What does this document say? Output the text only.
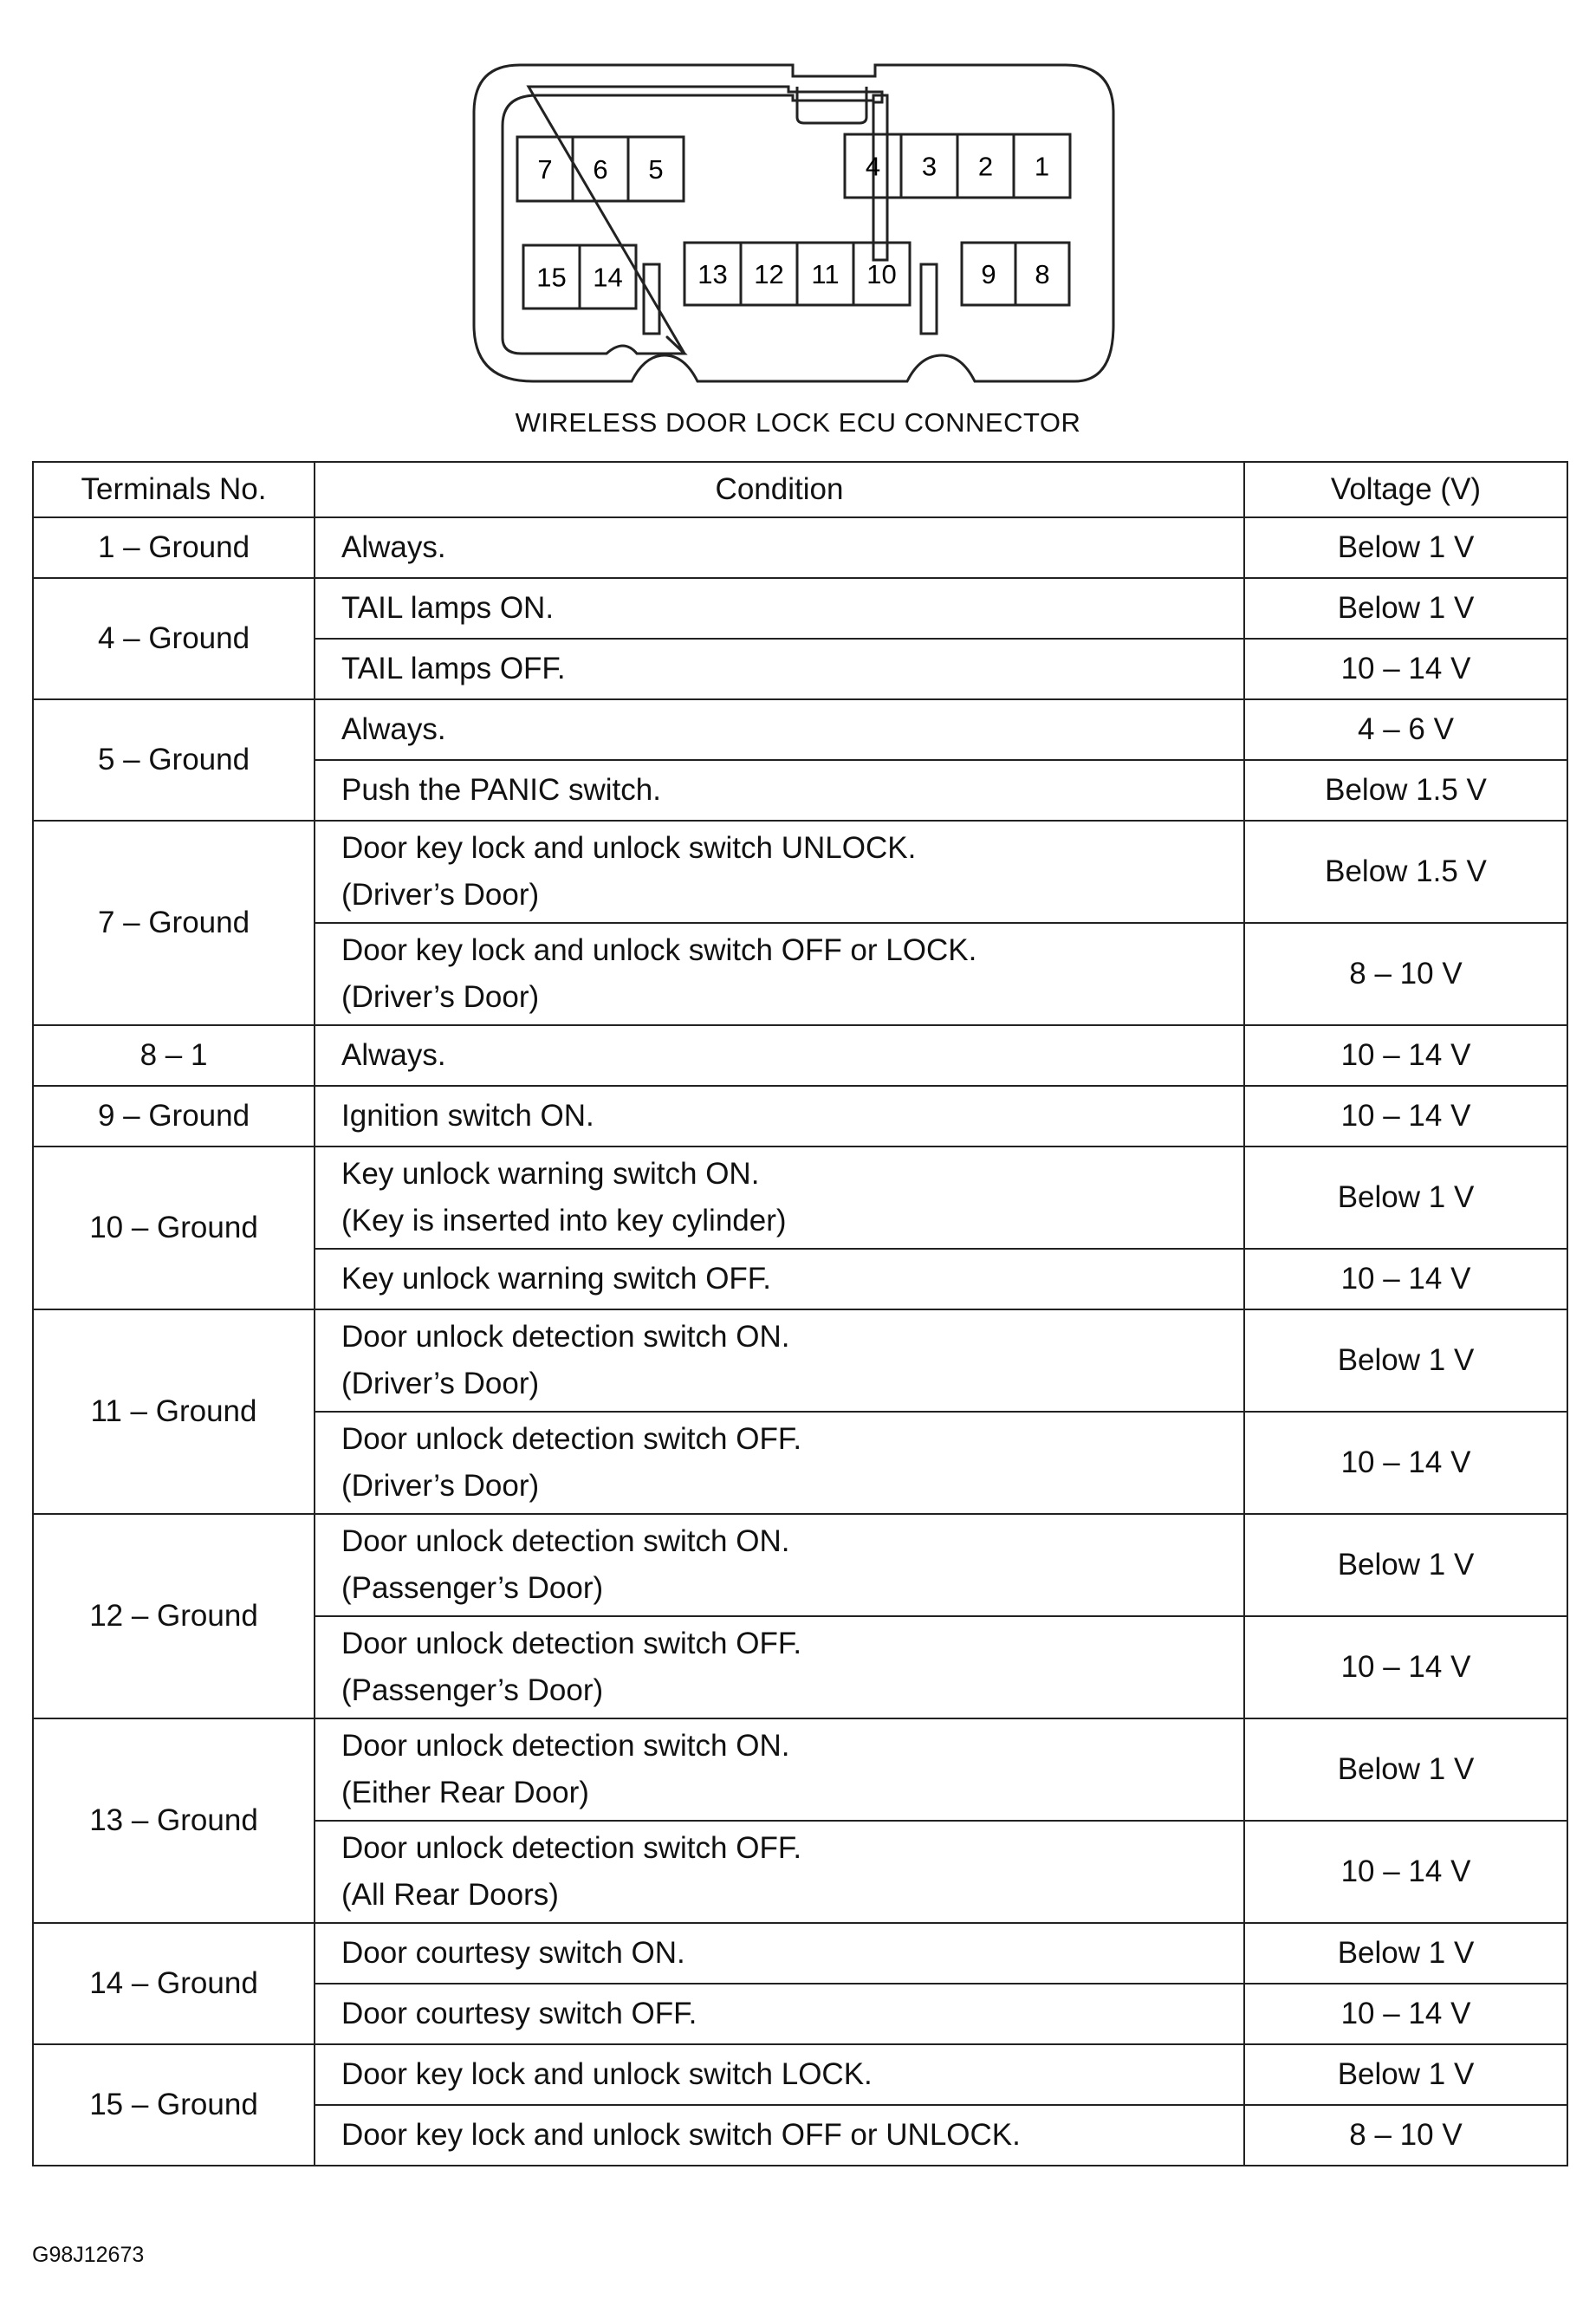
7 6 5	4 3 2 1
15 14	13 12 11 10	9 8
WIRELESS DOOR LOCK ECU CONNECTOR
Terminals No.	Condition	Voltage (V)
1 – Ground	Always.	Below 1 V
4 – Ground	TAIL lamps ON.	Below 1 V

	TAIL lamps OFF.	10 – 14 V
5 – Ground	Always.	4 – 6 V

	Push the PANIC switch.	Below 1.5 V
7 – Ground	Door key lock and unlock switch UNLOCK.
(Driver’s Door)	Below 1.5 V

	Door key lock and unlock switch OFF or LOCK.
(Driver’s Door)	8 – 10 V
8 – 1	Always.	10 – 14 V
9 – Ground	Ignition switch ON.	10 – 14 V
10 – Ground	Key unlock warning switch ON.
(Key is inserted into key cylinder)	Below 1 V

	Key unlock warning switch OFF.	10 – 14 V
11 – Ground	Door unlock detection switch ON.
(Driver’s Door)	Below 1 V

	Door unlock detection switch OFF.
(Driver’s Door)	10 – 14 V
12 – Ground	Door unlock detection switch ON.
(Passenger’s Door)	Below 1 V

	Door unlock detection switch OFF.
(Passenger’s Door)	10 – 14 V
13 – Ground	Door unlock detection switch ON.
(Either Rear Door)	Below 1 V

	Door unlock detection switch OFF.
(All Rear Doors)	10 – 14 V
14 – Ground	Door courtesy switch ON.	Below 1 V

	Door courtesy switch OFF.	10 – 14 V
15 – Ground	Door key lock and unlock switch LOCK.	Below 1 V

	Door key lock and unlock switch OFF or UNLOCK.	8 – 10 V
G98J12673
